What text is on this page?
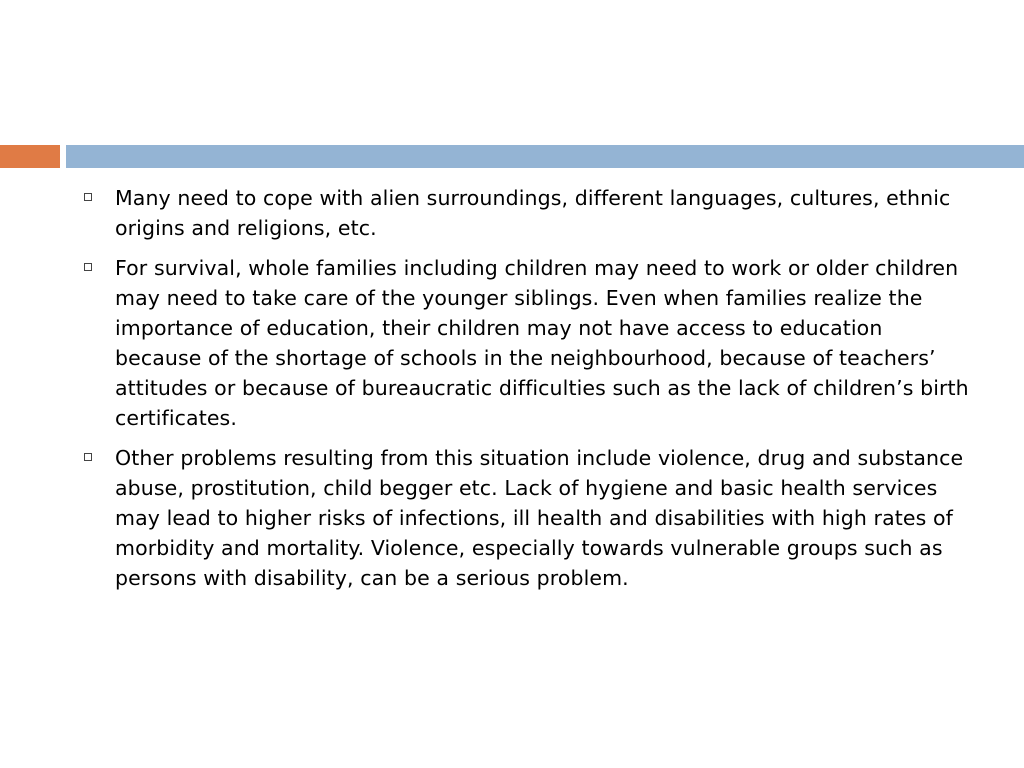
Many need to cope with alien surroundings, different languages, cultures, ethnic origins and religions, etc.
For survival, whole families including children may need to work or older children may need to take care of the younger siblings. Even when families realize the importance of education, their children may not have access to education because of the shortage of schools in the neighbourhood, because of teachers’ attitudes or because of bureaucratic difficulties such as the lack of children’s birth certificates.
Other problems resulting from this situation include violence, drug and substance abuse, prostitution, child begger etc. Lack of hygiene and basic health services may lead to higher risks of infections, ill health and disabilities with high rates of morbidity and mortality. Violence, especially towards vulnerable groups such as persons with disability, can be a serious problem.
